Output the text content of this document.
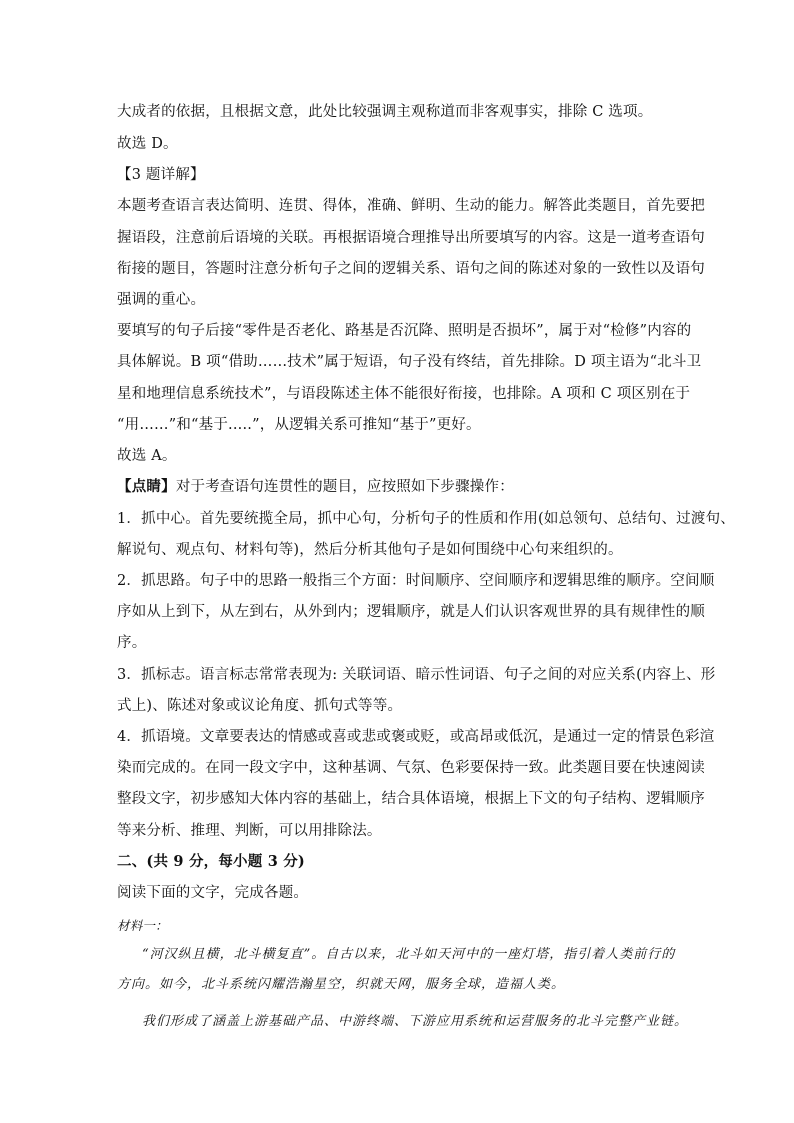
大成者的依据，且根据文意，此处比较强调主观称道而非客观事实，排除 C 选项。
故选 D。
【3 题详解】
本题考查语言表达简明、连贯、得体，准确、鲜明、生动的能力。解答此类题目，首先要把
握语段，注意前后语境的关联。再根据语境合理推导出所要填写的内容。这是一道考查语句
衔接的题目，答题时注意分析句子之间的逻辑关系、语句之间的陈述对象的一致性以及语句
强调的重心。
要填写的句子后接“零件是否老化、路基是否沉降、照明是否损坏”，属于对“检修”内容的
具体解说。B 项“借助……技术”属于短语，句子没有终结，首先排除。D 项主语为“北斗卫
星和地理信息系统技术”，与语段陈述主体不能很好衔接，也排除。A 项和 C 项区别在于
“用……”和“基于.....”，从逻辑关系可推知“基于”更好。
故选 A。
【点睛】对于考查语句连贯性的题目，应按照如下步骤操作：
1．抓中心。首先要统揽全局，抓中心句，分析句子的性质和作用(如总领句、总结句、过渡句、
解说句、观点句、材料句等)，然后分析其他句子是如何围绕中心句来组织的。
2．抓思路。句子中的思路一般指三个方面：时间顺序、空间顺序和逻辑思维的顺序。空间顺
序如从上到下，从左到右，从外到内；逻辑顺序，就是人们认识客观世界的具有规律性的顺
序。
3．抓标志。语言标志常常表现为: 关联词语、暗示性词语、句子之间的对应关系(内容上、形
式上)、陈述对象或议论角度、抓句式等等。
4．抓语境。文章要表达的情感或喜或悲或褒或贬，或高昂或低沉，是通过一定的情景色彩渲
染而完成的。在同一段文字中，这种基调、气氛、色彩要保持一致。此类题目要在快速阅读
整段文字，初步感知大体内容的基础上，结合具体语境，根据上下文的句子结构、逻辑顺序
等来分析、推理、判断，可以用排除法。
二、(共 9 分，每小题 3 分)
阅读下面的文字，完成各题。
材料一：
“河汉纵且横，北斗横复直”。自古以来，北斗如天河中的一座灯塔，指引着人类前行的
方向。如今，北斗系统闪耀浩瀚星空，织就天网，服务全球，造福人类。
我们形成了涵盖上游基础产品、中游终端、下游应用系统和运营服务的北斗完整产业链。
